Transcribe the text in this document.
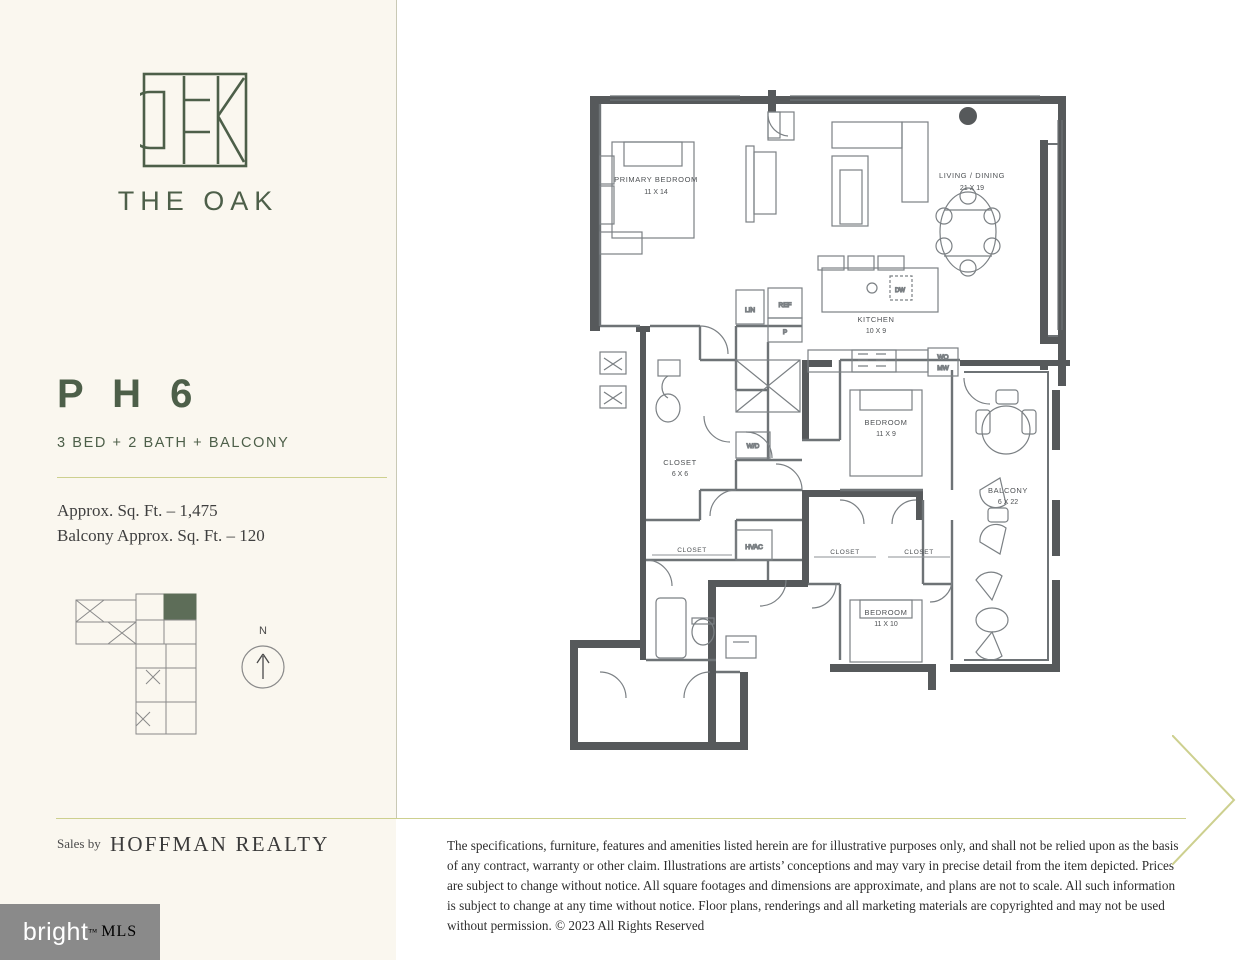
THE OAK
P H 6
3 BED + 2 BATH + BALCONY
Approx. Sq. Ft. – 1,475
Balcony Approx. Sq. Ft. – 120
N
Sales by HOFFMAN REALTY	The specifications, furniture, features and amenities listed herein are for illustrative purposes only, and shall not be relied upon as the basis of any contract, warranty or other claim. Illustrations are artists’ conceptions and may vary in precise detail from the item depicted. Prices are subject to change without notice. All square footages and dimensions are approximate, and plans are not to scale. All such information is subject to change at any time without notice. Floor plans, renderings and all marketing materials are copyrighted and may not be used without permission. © 2023 All Rights Reserved
DW
WO
MW
LIN
REF
P
W/D
HVAC
PRIMARY BEDROOM
11 X 14
LIVING / DINING
21 X 19
KITCHEN
10 X 9
BEDROOM
11 X 9
BEDROOM
11 X 10
BALCONY
6 X 22
CLOSET
6 X 6
CLOSET	CLOSET	CLOSET
bright ™ MLS
